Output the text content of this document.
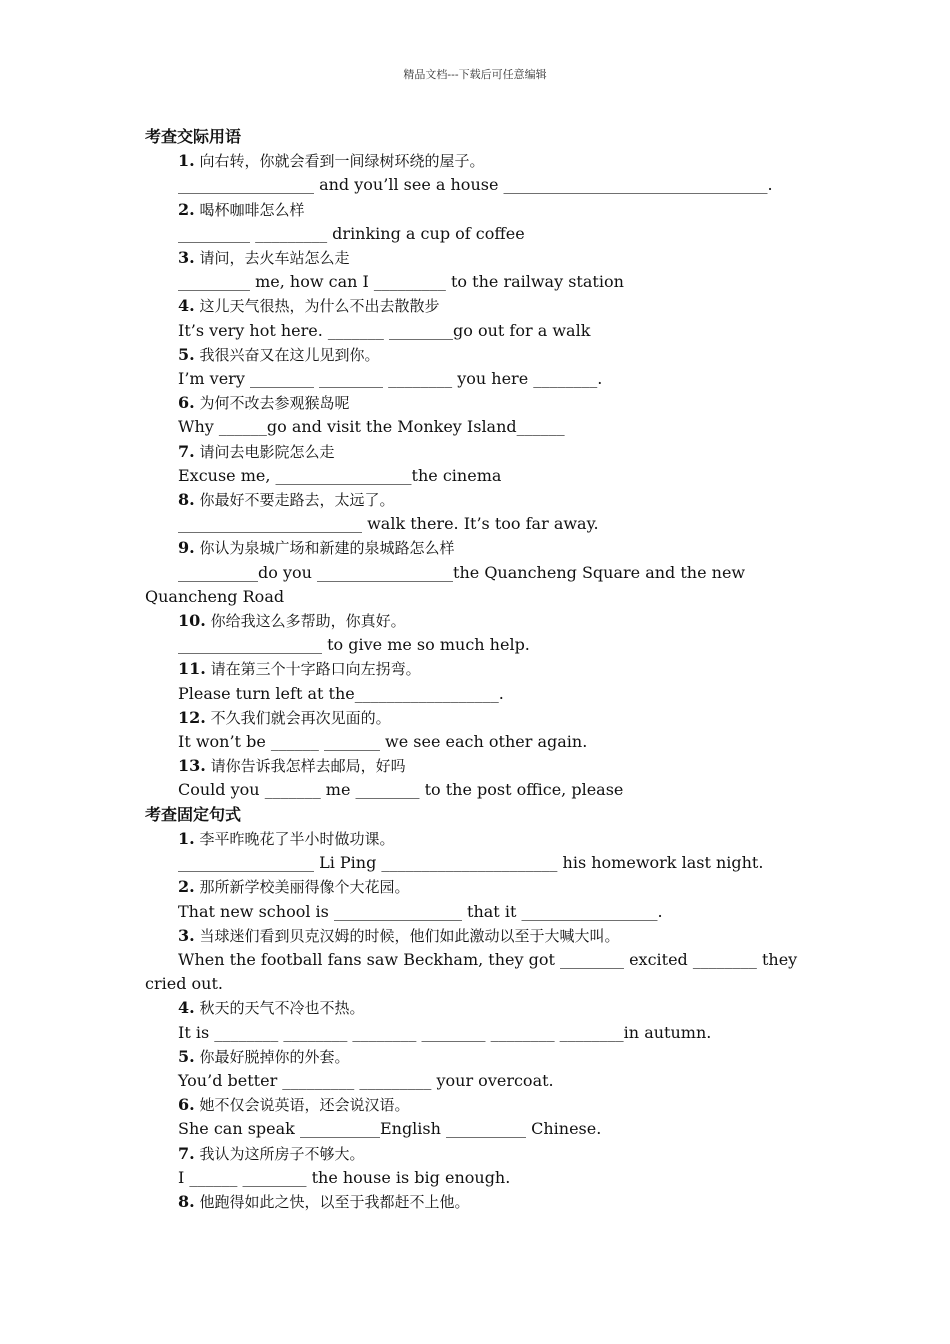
精品文档---下载后可任意编辑
考查交际用语
1. 向右转，你就会看到一间绿树环绕的屋子。
_________________ and you’ll see a house _________________________________.
2. 喝杯咖啡怎么样
_________ _________ drinking a cup of coffee
3. 请问，去火车站怎么走
_________ me, how can I _________ to the railway station
4. 这儿天气很热，为什么不出去散散步
It’s very hot here. _______ ________go out for a walk
5. 我很兴奋又在这儿见到你。
I’m very ________ ________ ________ you here ________.
6. 为何不改去参观猴岛呢
Why ______go and visit the Monkey Island______
7. 请问去电影院怎么走
Excuse me, _________________the cinema
8. 你最好不要走路去，太远了。
_______________________ walk there. It’s too far away.
9. 你认为泉城广场和新建的泉城路怎么样
__________do you _________________the Quancheng Square and the new
Quancheng Road
10. 你给我这么多帮助，你真好。
__________________ to give me so much help.
11. 请在第三个十字路口向左拐弯。
Please turn left at the__________________.
12. 不久我们就会再次见面的。
It won’t be ______ _______ we see each other again.
13. 请你告诉我怎样去邮局，好吗
Could you _______ me ________ to the post office, please
考查固定句式
1. 李平昨晚花了半小时做功课。
_________________ Li Ping ______________________ his homework last night.
2. 那所新学校美丽得像个大花园。
That new school is ________________ that it _________________.
3. 当球迷们看到贝克汉姆的时候，他们如此激动以至于大喊大叫。
When the football fans saw Beckham, they got ________ excited ________ they
cried out.
4. 秋天的天气不冷也不热。
It is ________ ________ ________ ________ ________ ________in autumn.
5. 你最好脱掉你的外套。
You’d better _________ _________ your overcoat.
6. 她不仅会说英语，还会说汉语。
She can speak __________English __________ Chinese.
7. 我认为这所房子不够大。
I ______ ________ the house is big enough.
8. 他跑得如此之快，以至于我都赶不上他。
